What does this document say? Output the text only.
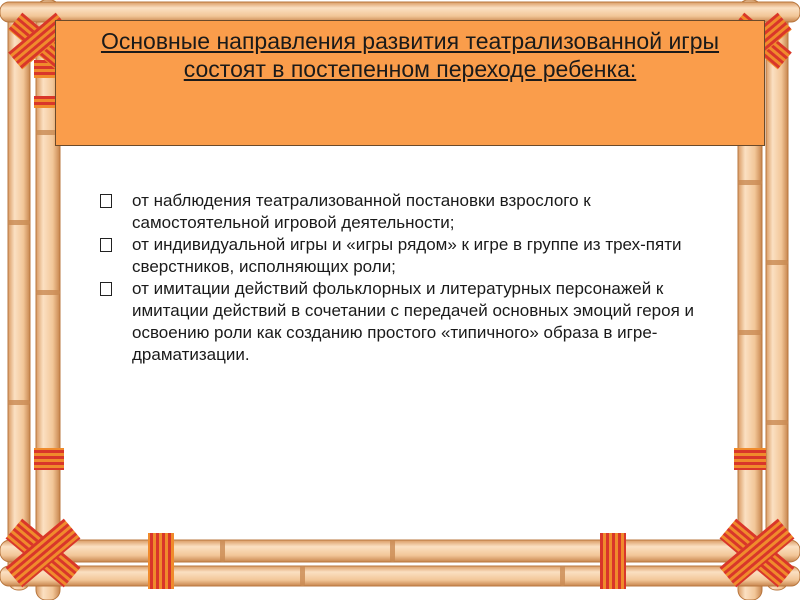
Основные направления развития театрализованной игры состоят в постепенном переходе ребенка:
от наблюдения театрализованной постановки взрослого к самостоятельной игровой деятельности;
от индивидуальной игры и «игры рядом» к игре в группе из трех-пяти сверстников, исполняющих роли;
от имитации действий фольклорных и литературных персонажей к имитации действий в сочетании с передачей основных эмоций героя и освоению роли как созданию простого «типичного» образа в игре-драматизации.
